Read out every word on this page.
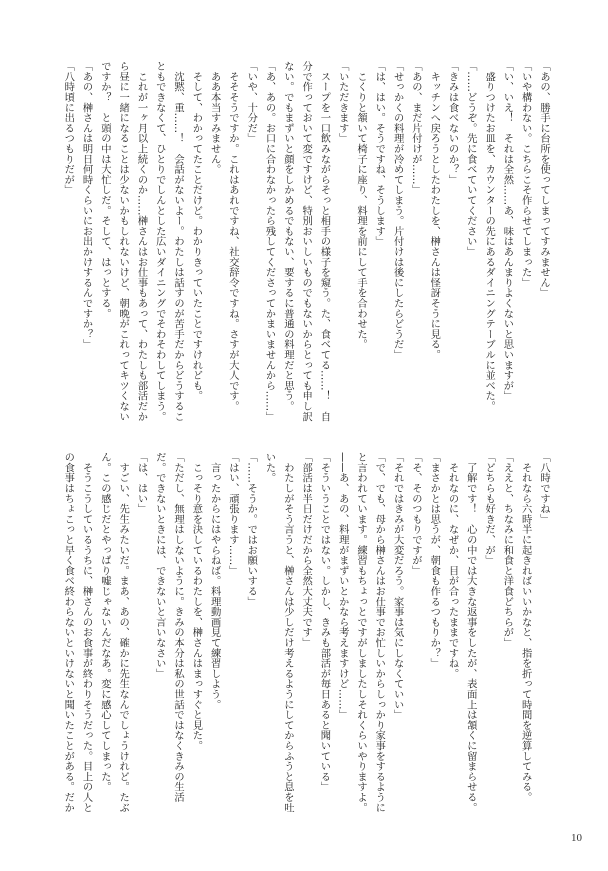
「あの、勝手に台所を使ってしまってすみません」
「いや構わない。こちらこそ作らせてしまった」
「い、いえ！　それは全然……あ、味はあんまりよくないと思いますが」
　盛りつけたお皿を、カウンターの先にあるダイニングテーブルに並べた。
「……どうぞ。先に食べていてください」
「きみは食べないのか？」
　キッチンへ戻ろうとしたわたしを、榊さんは怪訝そうに見る。
「あの、まだ片付けが……」
「せっかくの料理が冷めてしまう。片付けは後にしたらどうだ」
「は、はい。そうですね、そうします」
　こくりと頷いて椅子に座り、料理を前にして手を合わせた。
「いただきます」
　スープを一口飲みながらそっと相手の様子を窺う。た、食べてる……！　自
分で作っておいて変ですけど、特別おいしいものでもないからとっても申し訳
ない。でもまずいと顔をしかめるでもない、要するに普通の料理だと思う。
「あ、あの。お口に合わなかったら残してくださってかまいませんから……」
「いや、十分だ」
　そそそうですか。これはあれですね、社交辞令ですね。さすが大人です。
　ああ本当すみません。
　そして、わかってたことだけど。わかりきっていたことですけれども。
　沈黙、重……！　会話がないよー。わたしは話すのが苦手だからどうするこ
ともできなくて、ひとりでしんとした広いダイニングでそわそわしてしまう。
　これが一ヶ月以上続くのか……榊さんはお仕事もあって、わたしも部活だか
ら昼に一緒になることは少ないかもしれないけど、朝晩がこれってキツくない
ですか？　と頭の中は大忙しだ。そして、はっとする。
「あの、榊さんは明日何時くらいにお出かけするんですか？」
「八時頃に出るつもりだが」
「八時ですね」
　それなら六時半に起きればいいかなと、指を折って時間を逆算してみる。
「ええと、ちなみに和食と洋食どちらが」
「どちらも好きだ、が」
　了解です！　心の中では大きな返事をしたが、表面上は頷くに留まらせる。
　それなのに、なぜか、目が合ったままですね。
「まさかとは思うが、朝食も作るつもりか？」
「そ、そのつもりですが」
「それではきみが大変だろう。家事は気にしなくていい」
「で、でも、母から榊さんはお仕事でお忙しいからしっかり家事をするように
と言われています。練習もちょっとですがしましたしそれくらいやりますよ。
——あ、あの、料理がまずいとかなら考えますけど……」
「そういうことではない。しかし、きみも部活が毎日あると聞いている」
「部活は半日だけだから全然大丈夫です」
　わたしがそう言うと、榊さんは少しだけ考えるようにしてからふうと息を吐
いた。
「……そうか。ではお願いする」
「はい、頑張ります……」
　言ったからにはやらねば。料理動画見て練習しよう。
　こっそり意を決しているわたしを、榊さんはまっすぐと見た。
「ただし、無理はしないように。きみの本分は私の世話ではなくきみの生活
だ。できないときには、できないと言いなさい」
「は、はい」
　すごい、先生みたいだ。まあ、あの、確かに先生なんでしょうけれど。たぶ
ん。この感じだとやっぱり嘘じゃないんだなあ。変に感心してしまった。
　そうこうしているうちに、榊さんのお食事が終わりそうだった。目上の人と
の食事はちょこっと早く食べ終わらないといけないと聞いたことがある。だか
10
